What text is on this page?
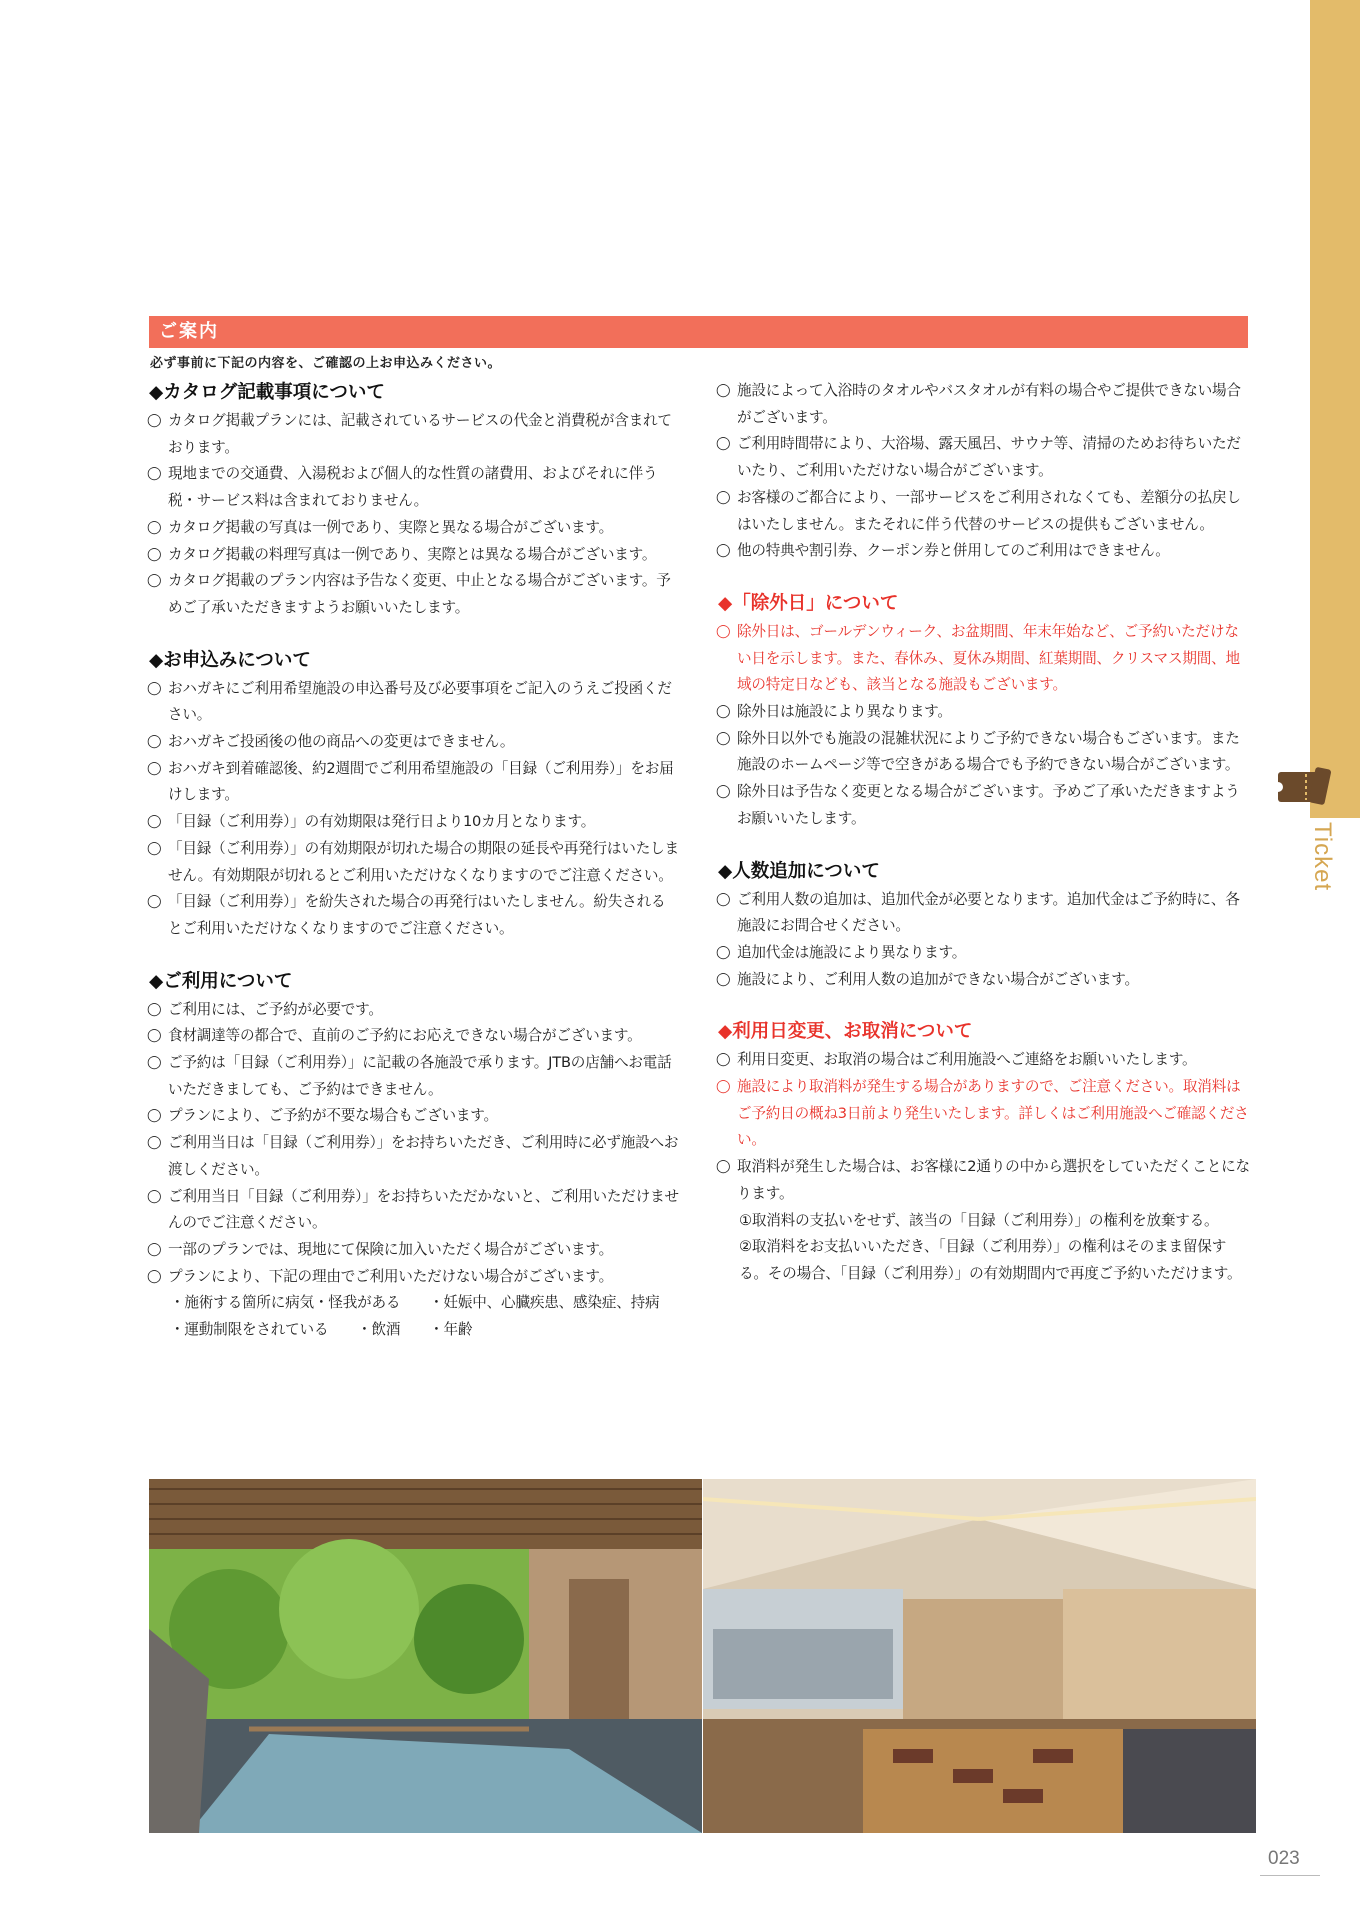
Ticket
ご案内
必ず事前に下記の内容を、ご確認の上お申込みください。
◆カタログ記載事項について
◯ カタログ掲載プランには、記載されているサービスの代金と消費税が含まれております。
◯ 現地までの交通費、入湯税および個人的な性質の諸費用、およびそれに伴う税・サービス料は含まれておりません。
◯ カタログ掲載の写真は一例であり、実際と異なる場合がございます。
◯ カタログ掲載の料理写真は一例であり、実際とは異なる場合がございます。
◯ カタログ掲載のプラン内容は予告なく変更、中止となる場合がございます。予めご了承いただきますようお願いいたします。
◆お申込みについて
◯ おハガキにご利用希望施設の申込番号及び必要事項をご記入のうえご投函ください。
◯ おハガキご投函後の他の商品への変更はできません。
◯ おハガキ到着確認後、約2週間でご利用希望施設の「目録（ご利用券）」をお届けします。
◯ 「目録（ご利用券）」の有効期限は発行日より10カ月となります。
◯ 「目録（ご利用券）」の有効期限が切れた場合の期限の延長や再発行はいたしません。有効期限が切れるとご利用いただけなくなりますのでご注意ください。
◯ 「目録（ご利用券）」を紛失された場合の再発行はいたしません。紛失されるとご利用いただけなくなりますのでご注意ください。
◆ご利用について
◯ ご利用には、ご予約が必要です。
◯ 食材調達等の都合で、直前のご予約にお応えできない場合がございます。
◯ ご予約は「目録（ご利用券）」に記載の各施設で承ります。JTBの店舗へお電話いただきましても、ご予約はできません。
◯ プランにより、ご予約が不要な場合もございます。
◯ ご利用当日は「目録（ご利用券）」をお持ちいただき、ご利用時に必ず施設へお渡しください。
◯ ご利用当日「目録（ご利用券）」をお持ちいただかないと、ご利用いただけませんのでご注意ください。
◯ 一部のプランでは、現地にて保険に加入いただく場合がございます。
◯ プランにより、下記の理由でご利用いただけない場合がございます。
・施術する箇所に病気・怪我がある　　・妊娠中、心臓疾患、感染症、持病
・運動制限をされている　　・飲酒　　・年齢
◯ 施設によって入浴時のタオルやバスタオルが有料の場合やご提供できない場合がございます。
◯ ご利用時間帯により、大浴場、露天風呂、サウナ等、清掃のためお待ちいただいたり、ご利用いただけない場合がございます。
◯ お客様のご都合により、一部サービスをご利用されなくても、差額分の払戻しはいたしません。またそれに伴う代替のサービスの提供もございません。
◯ 他の特典や割引券、クーポン券と併用してのご利用はできません。
◆「除外日」について
◯ 除外日は、ゴールデンウィーク、お盆期間、年末年始など、ご予約いただけない日を示します。また、春休み、夏休み期間、紅葉期間、クリスマス期間、地域の特定日なども、該当となる施設もございます。
◯ 除外日は施設により異なります。
◯ 除外日以外でも施設の混雑状況によりご予約できない場合もございます。また施設のホームページ等で空きがある場合でも予約できない場合がございます。
◯ 除外日は予告なく変更となる場合がございます。予めご了承いただきますようお願いいたします。
◆人数追加について
◯ ご利用人数の追加は、追加代金が必要となります。追加代金はご予約時に、各施設にお問合せください。
◯ 追加代金は施設により異なります。
◯ 施設により、ご利用人数の追加ができない場合がございます。
◆利用日変更、お取消について
◯ 利用日変更、お取消の場合はご利用施設へご連絡をお願いいたします。
◯ 施設により取消料が発生する場合がありますので、ご注意ください。取消料はご予約日の概ね3日前より発生いたします。詳しくはご利用施設へご確認ください。
◯ 取消料が発生した場合は、お客様に2通りの中から選択をしていただくことになります。
①取消料の支払いをせず、該当の「目録（ご利用券）」の権利を放棄する。
②取消料をお支払いいただき、「目録（ご利用券）」の権利はそのまま留保する。その場合、「目録（ご利用券）」の有効期間内で再度ご予約いただけます。
023
